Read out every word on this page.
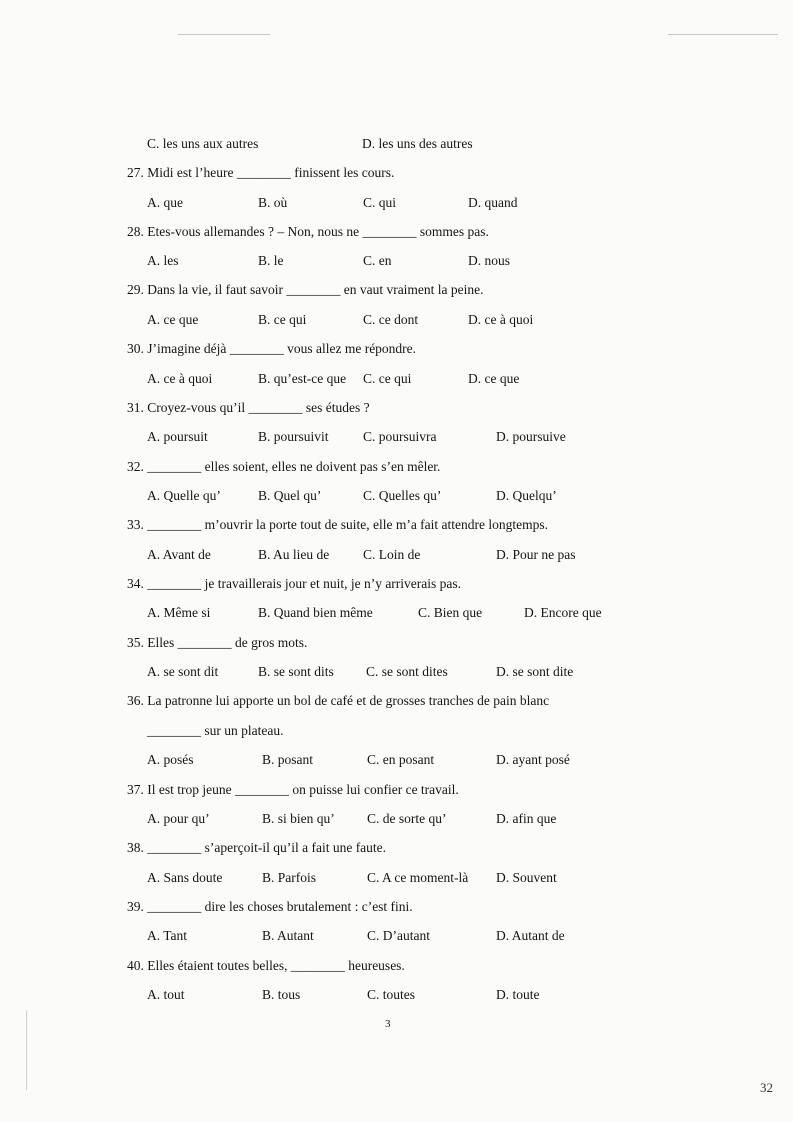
C. les uns aux autres	D. les uns des autres
27. Midi est l’heure ________ finissent les cours.
A. que	B. où	C. qui	D. quand
28. Etes-vous allemandes ? – Non, nous ne ________ sommes pas.
A. les	B. le	C. en	D. nous
29. Dans la vie, il faut savoir ________ en vaut vraiment la peine.
A. ce que	B. ce qui	C. ce dont	D. ce à quoi
30. J’imagine déjà ________ vous allez me répondre.
A. ce à quoi	B. qu’est-ce que C. ce qui	D. ce que
31. Croyez-vous qu’il ________ ses études ?
A. poursuit	B. poursuivit	C. poursuivra	D. poursuive
32. ________ elles soient, elles ne doivent pas s’en mêler.
A. Quelle qu’	B. Quel qu’	C. Quelles qu’	D. Quelqu’
33. ________ m’ouvrir la porte tout de suite, elle m’a fait attendre longtemps.
A. Avant de	B. Au lieu de	C. Loin de	D. Pour ne pas
34. ________ je travaillerais jour et nuit, je n’y arriverais pas.
A. Même si	B. Quand bien même	C. Bien que	D. Encore que
35. Elles ________ de gros mots.
A. se sont dit	B. se sont dits C. se sont dites	D. se sont dite
36. La patronne lui apporte un bol de café et de grosses tranches de pain blanc
________ sur un plateau.
A. posés	B. posant	C. en posant	D. ayant posé
37. Il est trop jeune ________ on puisse lui confier ce travail.
A. pour qu’	B. si bien qu’ C. de sorte qu’	D. afin que
38. ________ s’aperçoit-il qu’il a fait une faute.
A. Sans doute	B. Parfois	C. A ce moment-là D. Souvent
39. ________ dire les choses brutalement : c’est fini.
A. Tant	B. Autant	C. D’autant	D. Autant de
40. Elles étaient toutes belles, ________ heureuses.
A. tout	B. tous	C. toutes	D. toute
3
32
